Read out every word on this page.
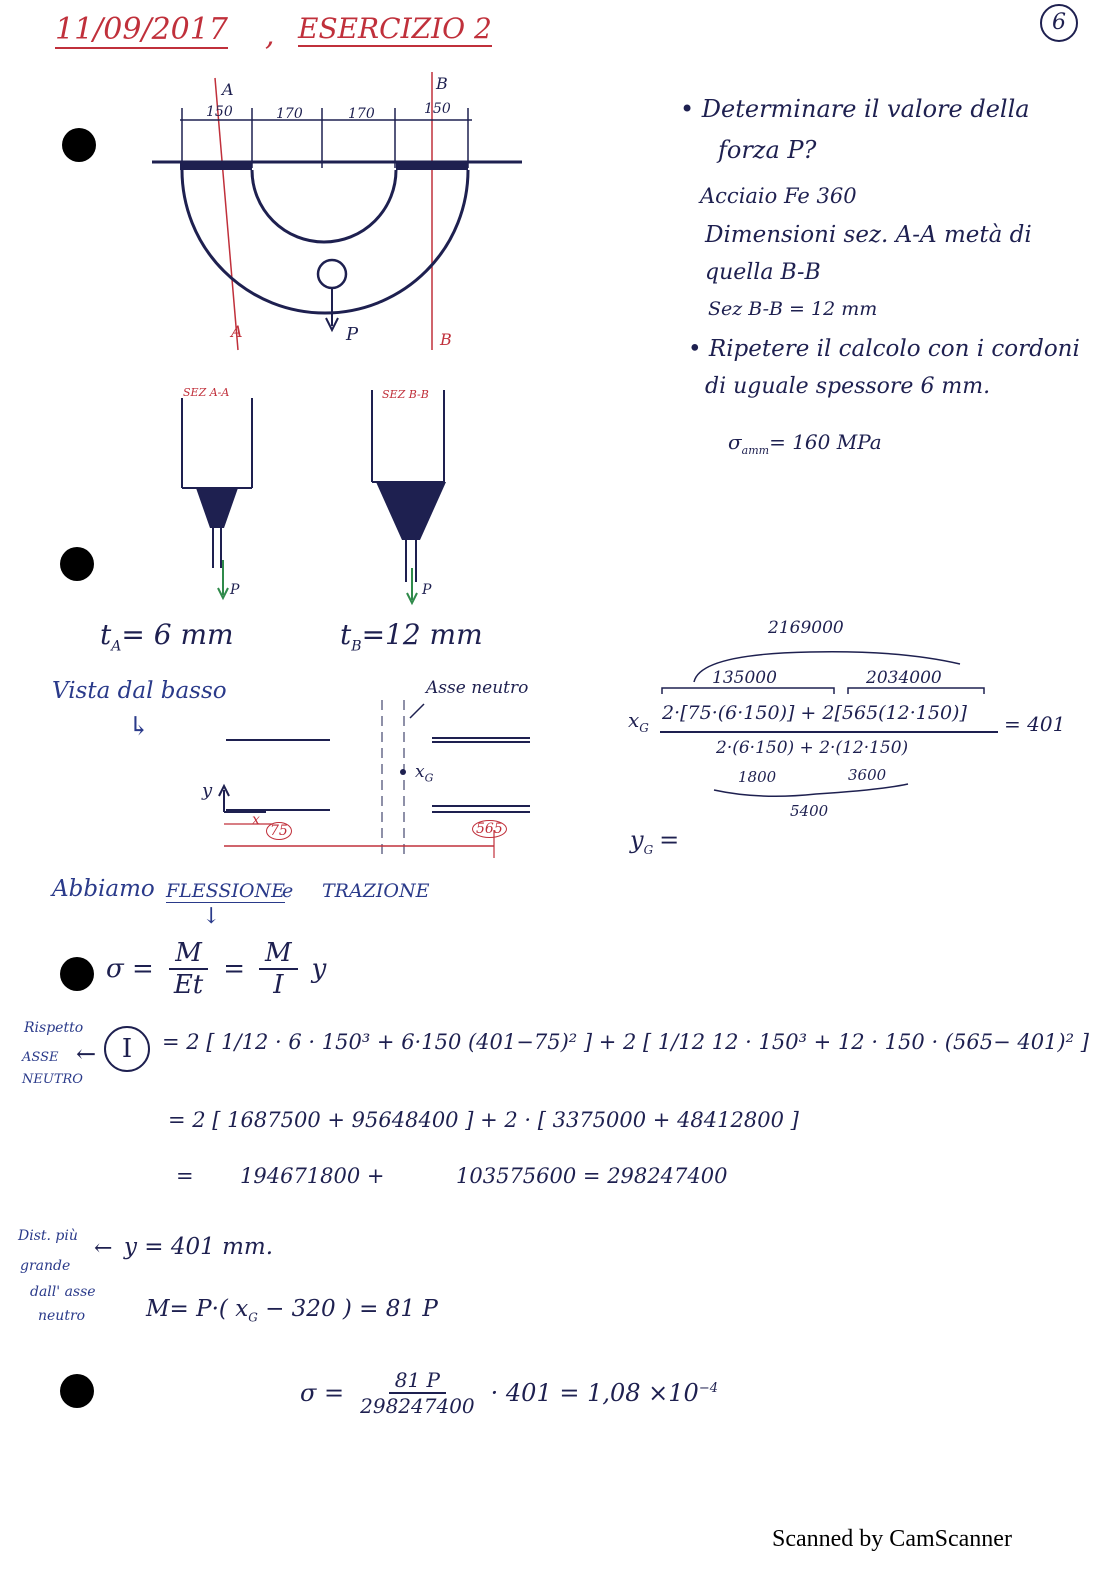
11/09/2017 , ESERCIZIO 2	6
A	B
150	170	170	150
A	B
P
SEZ A-A	SEZ B-B
P	P
$t_A= 6$ mm	$t_B=12$ mm
• Determinare il valore della
forza P?
Acciaio Fe 360
Dimensioni sez. A-A metà di
quella B-B
Sez B-B = 12 mm
• Ripetere il calcolo con i cordoni
di uguale spessore 6 mm.
$\sigma_{amm}= 160$ MPa
Vista dal basso
↳
Asse neutro
$x_G$
y
x
75	565
2169000
135000	2034000
$x_G$
2·[75·(6·150)] + 2[565(12·150)] = 401
2·(6·150) + 2·(12·150)
1800	3600
5400
$y_G$ =
Abbiamo FLESSIONE
e TRAZIONE
↓
$\sigma = \frac{M}{Et} = \frac{M}{I}$ y
Rispetto
ASSE
NEUTRO
← I	= 2 [ 1/12 · 6 · 150³ + 6·150 (401−75)² ] + 2 [ 1/12 12 · 150³ + 12 · 150 · (565− 401)² ]
= 2 [ 1687500 + 95648400 ] + 2 · [ 3375000 + 48412800 ]
= 194671800 +	103575600 = 298247400
Dist. più
grande
dall' asse
neutro
← y = 401 mm.
M= P·( $x_G - 320$ ) = 81 P
$\sigma = \frac{81 P}{298247400} \cdot 401 = 1,08 \times 10^{-4}$
Scanned by CamScanner
